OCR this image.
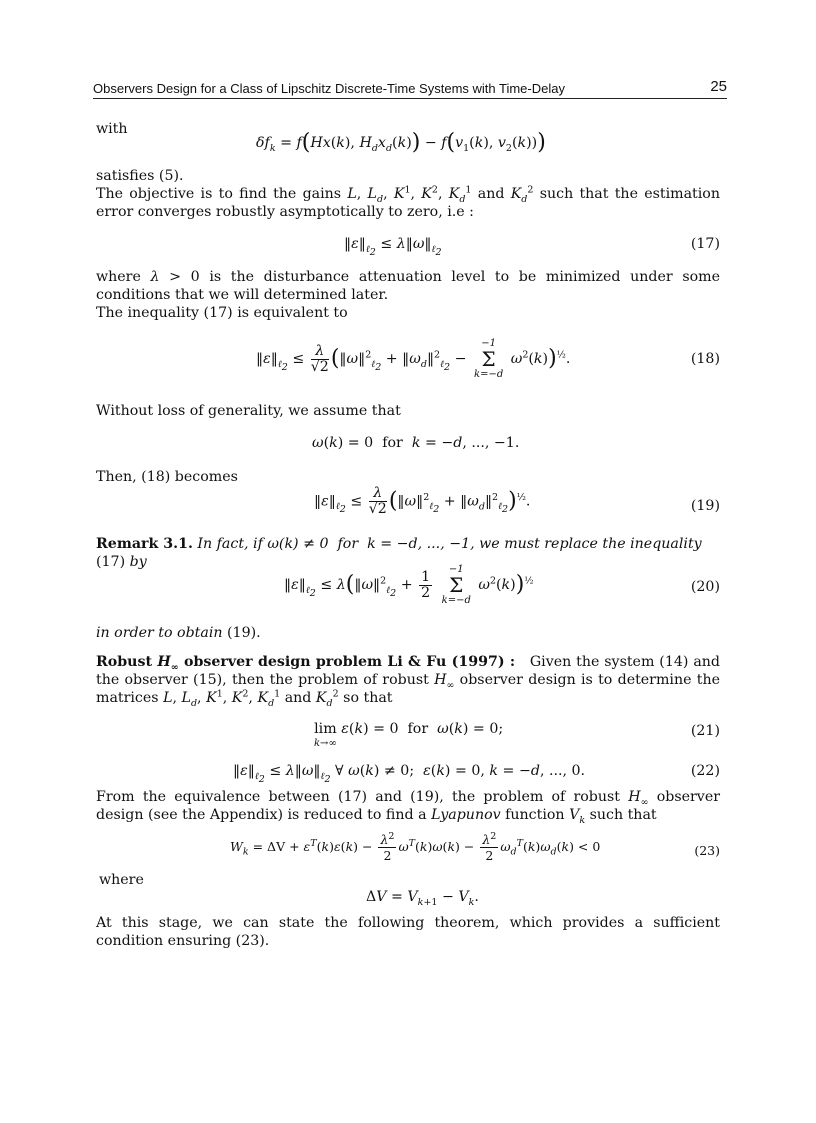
Observers Design for a Class of Lipschitz Discrete-Time Systems with Time-Delay	25
with
$\delta f_k = f(Hx(k)$, $H_dx_d(k)) - f(v_1(k)$, $v_2(k)$))
satisfies (5).
The objective is to find the gains L, $L_d$, $K^1$, $K^2$, $K_d^1$ and $K_d^2$ such that the estimation error converges robustly asymptotically to zero, i.e :
$‖\varepsilon‖_{\ell_2}$ ≤ $\lambda‖\omega‖_{\ell_2}$
(17)
where λ > 0 is the disturbance attenuation level to be minimized under some conditions that we will determined later.
The inequality (17) is equivalent to
$‖\varepsilon‖_{\ell_2} \le \frac{\lambda}{√2}$ (‖ω‖$^2_{\ell_2}$ + $‖\omega_d‖^2_{\ell_2}$ −
−1
Σ
k=−d
$\omega^2(k))^{\frac{1}{2}}$.	(18)
Without loss of generality, we assume that
ω(k) = 0  for  k = −d, ..., −1.
Then, (18) becomes
$‖\varepsilon‖_{\ell_2} \le \frac{\lambda}{√2}$ (‖ω‖$^2_{\ell_2}$ + $‖\omega_d‖^2_{\ell_2})^{\frac{1}{2}}$.	(19)
Remark 3.1. In fact, if ω(k) ≠ 0  for  k = −d, ..., −1, we must replace the inequality (17) by
$‖\varepsilon‖_{\ell_2}$ ≤ λ(‖ω‖$^2_{\ell_2}$ + $\frac{1}{2}$
	−1
Σ
k=−d
$\omega^2(k))^{\frac{1}{2}}$	(20)
in order to obtain (19).
Robust $H_\infty$ observer design problem Li & Fu (1997) :   Given the system (14) and the observer (15), then the problem of robust $H_\infty$ observer design is to determine the matrices L, $L_d$, $K^1$, $K^2$, $K_d^1$ and $K_d^2$ so that
lim
k→∞
ε(k) = 0  for  ω(k) = 0;	(21)
$‖\varepsilon‖_{\ell_2}$ ≤ $\lambda‖\omega‖_{\ell_2}$ ∀ ω(k) ≠ 0;  ε(k) = 0, k = −d, ..., 0.	(22)
From the equivalence between (17) and (19), the problem of robust $H_\infty$ observer design (see the Appendix) is reduced to find a Lyapunov function $V_k$ such that
$W_k = \Delta V + \varepsilon^T(k)\varepsilon(k) - \frac{\lambda^2}{2} \omega^T(k)\omega(k) - \frac{\lambda^2}{2} \omega_d^T(k)\omega_d(k) < 0$	(23)
where
$\Delta V = V_{k+1} - V_k$.
At this stage, we can state the following theorem, which provides a sufficient condition ensuring (23).
